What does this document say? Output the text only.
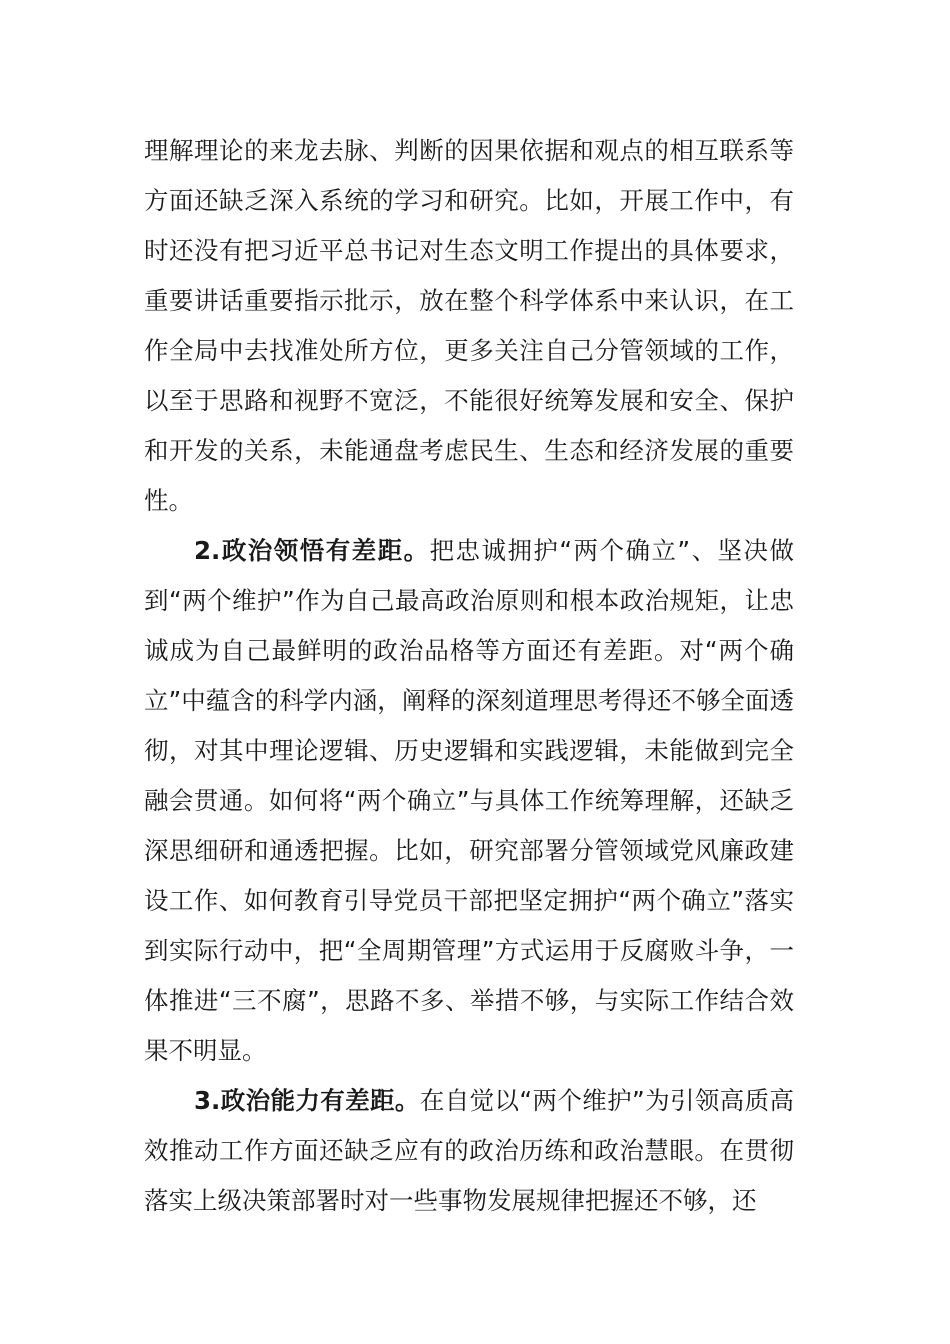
理解理论的来龙去脉、判断的因果依据和观点的相互联系等方面还缺乏深入系统的学习和研究。比如，开展工作中，有时还没有把习近平总书记对生态文明工作提出的具体要求，重要讲话重要指示批示，放在整个科学体系中来认识，在工作全局中去找准处所方位，更多关注自己分管领域的工作，以至于思路和视野不宽泛，不能很好统筹发展和安全、保护和开发的关系，未能通盘考虑民生、生态和经济发展的重要性。

2.政治领悟有差距。把忠诚拥护“两个确立”、坚决做到“两个维护”作为自己最高政治原则和根本政治规矩，让忠诚成为自己最鲜明的政治品格等方面还有差距。对“两个确立”中蕴含的科学内涵，阐释的深刻道理思考得还不够全面透彻，对其中理论逻辑、历史逻辑和实践逻辑，未能做到完全融会贯通。如何将“两个确立”与具体工作统筹理解，还缺乏深思细研和通透把握。比如，研究部署分管领域党风廉政建设工作、如何教育引导党员干部把坚定拥护“两个确立”落实到实际行动中，把“全周期管理”方式运用于反腐败斗争，一体推进“三不腐”，思路不多、举措不够，与实际工作结合效果不明显。

3.政治能力有差距。在自觉以“两个维护”为引领高质高效推动工作方面还缺乏应有的政治历练和政治慧眼。在贯彻落实上级决策部署时对一些事物发展规律把握还不够，还
